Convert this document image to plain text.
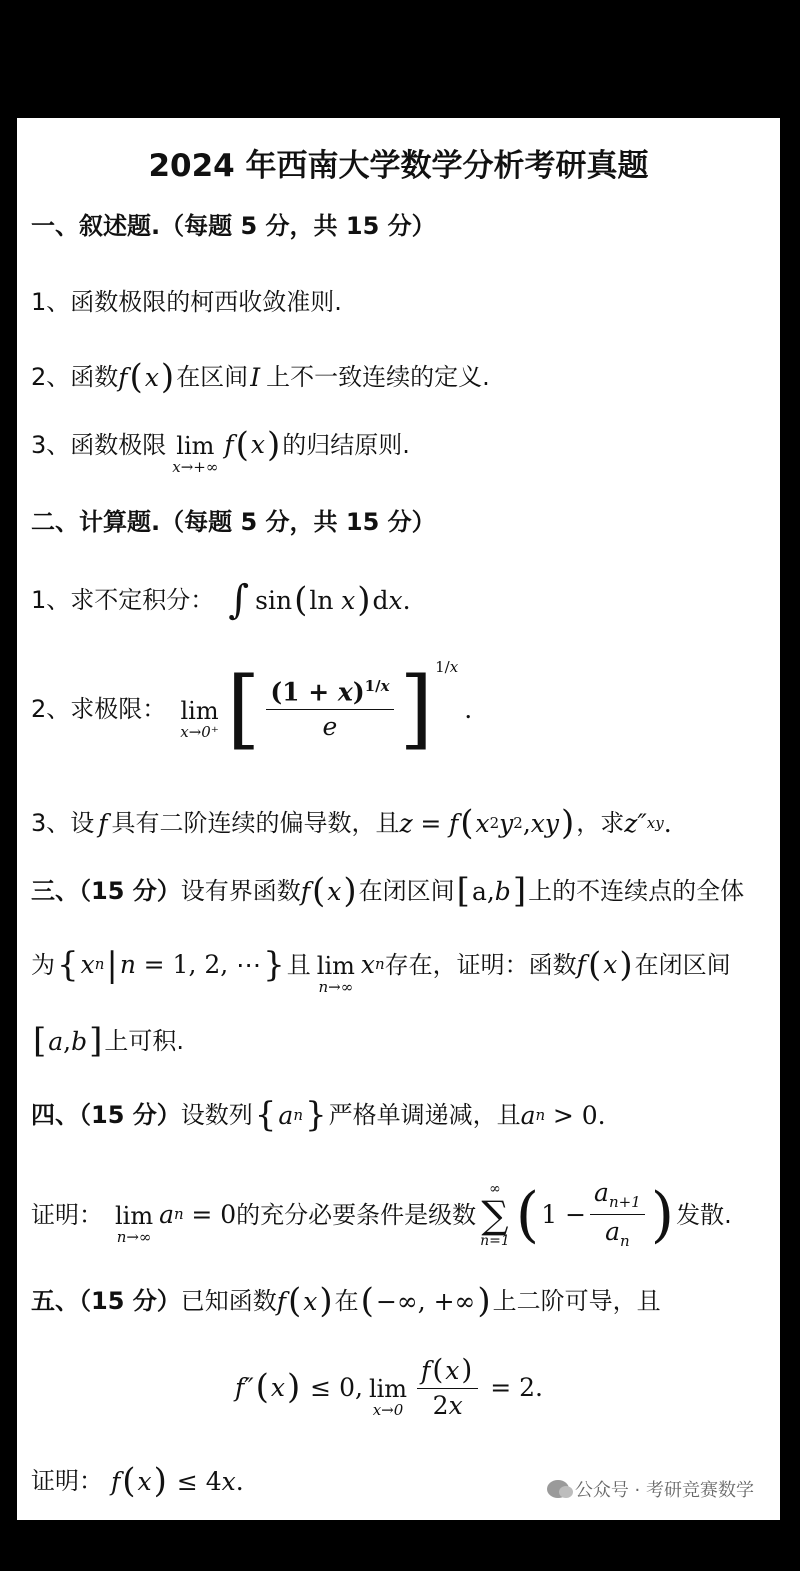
2024 年西南大学数学分析考研真题
一、叙述题.（每题 5 分，共 15 分）
1、函数极限的柯西收敛准则.
2、函数 f ( x ) 在区间 I 上不一致连续的定义.
3、函数极限 lim
x→+∞
f ( x ) 的归结原则.
二、计算题.（每题 5 分，共 15 分）
1、求不定积分： ∫ sin ( ln
x ) d x .
2、求极限： lim
x→0⁺ [ $\frac{(1 + x)^{1/x}}{e} ]^{1/x}$
.
3、设 f 具有二阶连续的偏导数，且 z
=
f ( x 2 y 2 , xy ) ，求 z″ xy .
三、（15 分） 设有界函数 f ( x ) 在闭区间 [ a , b ] 上的不连续点的全体
为 { x n | n
= 1, 2, ⋯ } 且 lim
n→∞
x n 存在，证明：函数 f ( x ) 在闭区间
[ a , b ] 上可积.
四、（15 分） 设数列 { a n } 严格单调递减，且 a n
> 0.
证明： lim
n→∞
a n
= 0 的充分必要条件是级数
∞
∑
n=1 ( $1 - \frac{a_{n+1}}{a_n}$ ) 发散.
五、（15 分） 已知函数 f ( x ) 在 ( −∞, +∞ ) 上二阶可导，且
f″ ( x ) ≤ 0, lim
$x\to 0 \frac{f(x)}{2x} = 2$.
证明： f ( x ) ≤ 4 x .	公众号 · 考研竞赛数学
